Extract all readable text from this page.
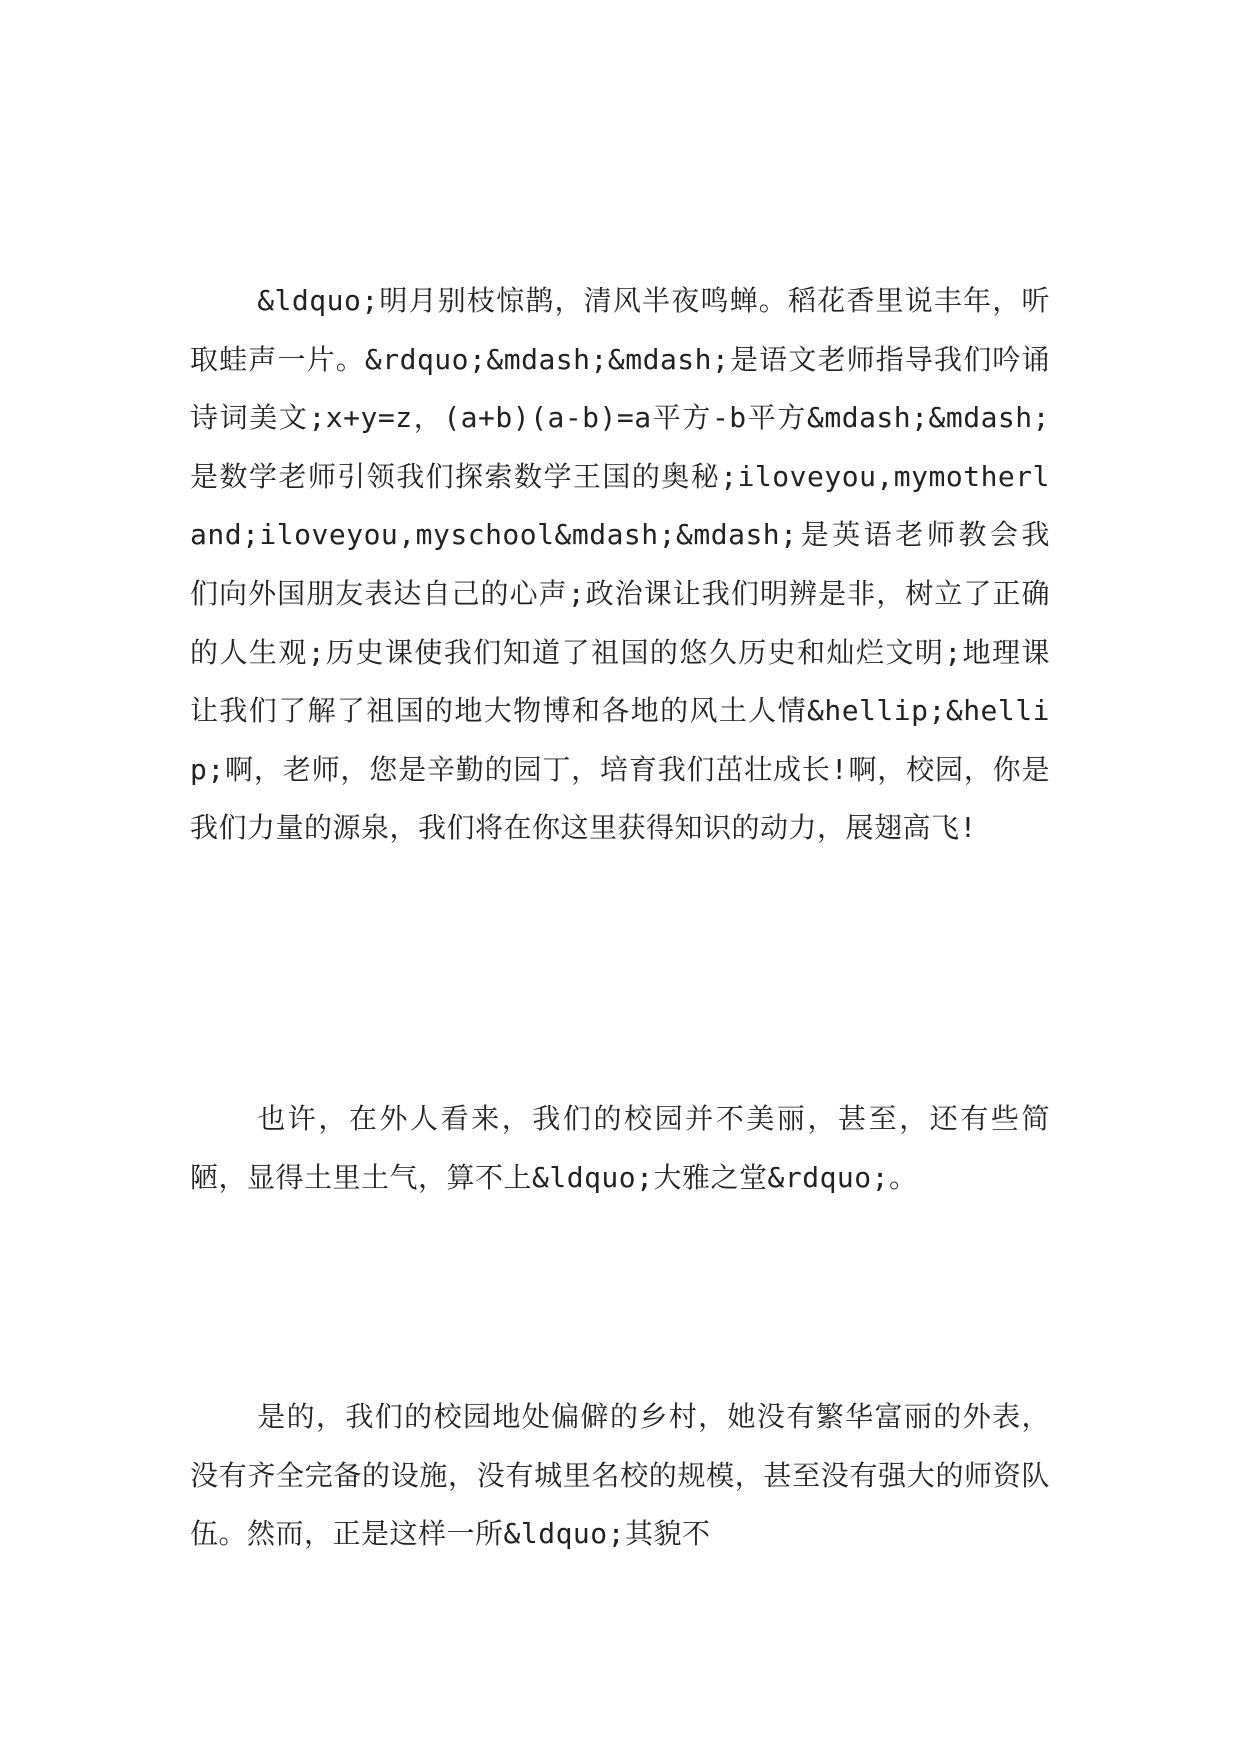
&ldquo;明月别枝惊鹊，清风半夜鸣蝉。稻花香里说丰年，听取蛙声一片。&rdquo;&mdash;&mdash;是语文老师指导我们吟诵诗词美文;x+y=z，(a+b)(a-b)=a平方-b平方&mdash;&mdash;是数学老师引领我们探索数学王国的奥秘;iloveyou,mymotherland;iloveyou,myschool&mdash;&mdash;是英语老师教会我们向外国朋友表达自己的心声;政治课让我们明辨是非，树立了正确的人生观;历史课使我们知道了祖国的悠久历史和灿烂文明;地理课让我们了解了祖国的地大物博和各地的风土人情&hellip;&hellip;啊，老师，您是辛勤的园丁，培育我们茁壮成长!啊，校园，你是我们力量的源泉，我们将在你这里获得知识的动力，展翅高飞!

也许，在外人看来，我们的校园并不美丽，甚至，还有些简陋，显得土里土气，算不上&ldquo;大雅之堂&rdquo;。

是的，我们的校园地处偏僻的乡村，她没有繁华富丽的外表，没有齐全完备的设施，没有城里名校的规模，甚至没有强大的师资队伍。然而，正是这样一所&ldquo;其貌不
